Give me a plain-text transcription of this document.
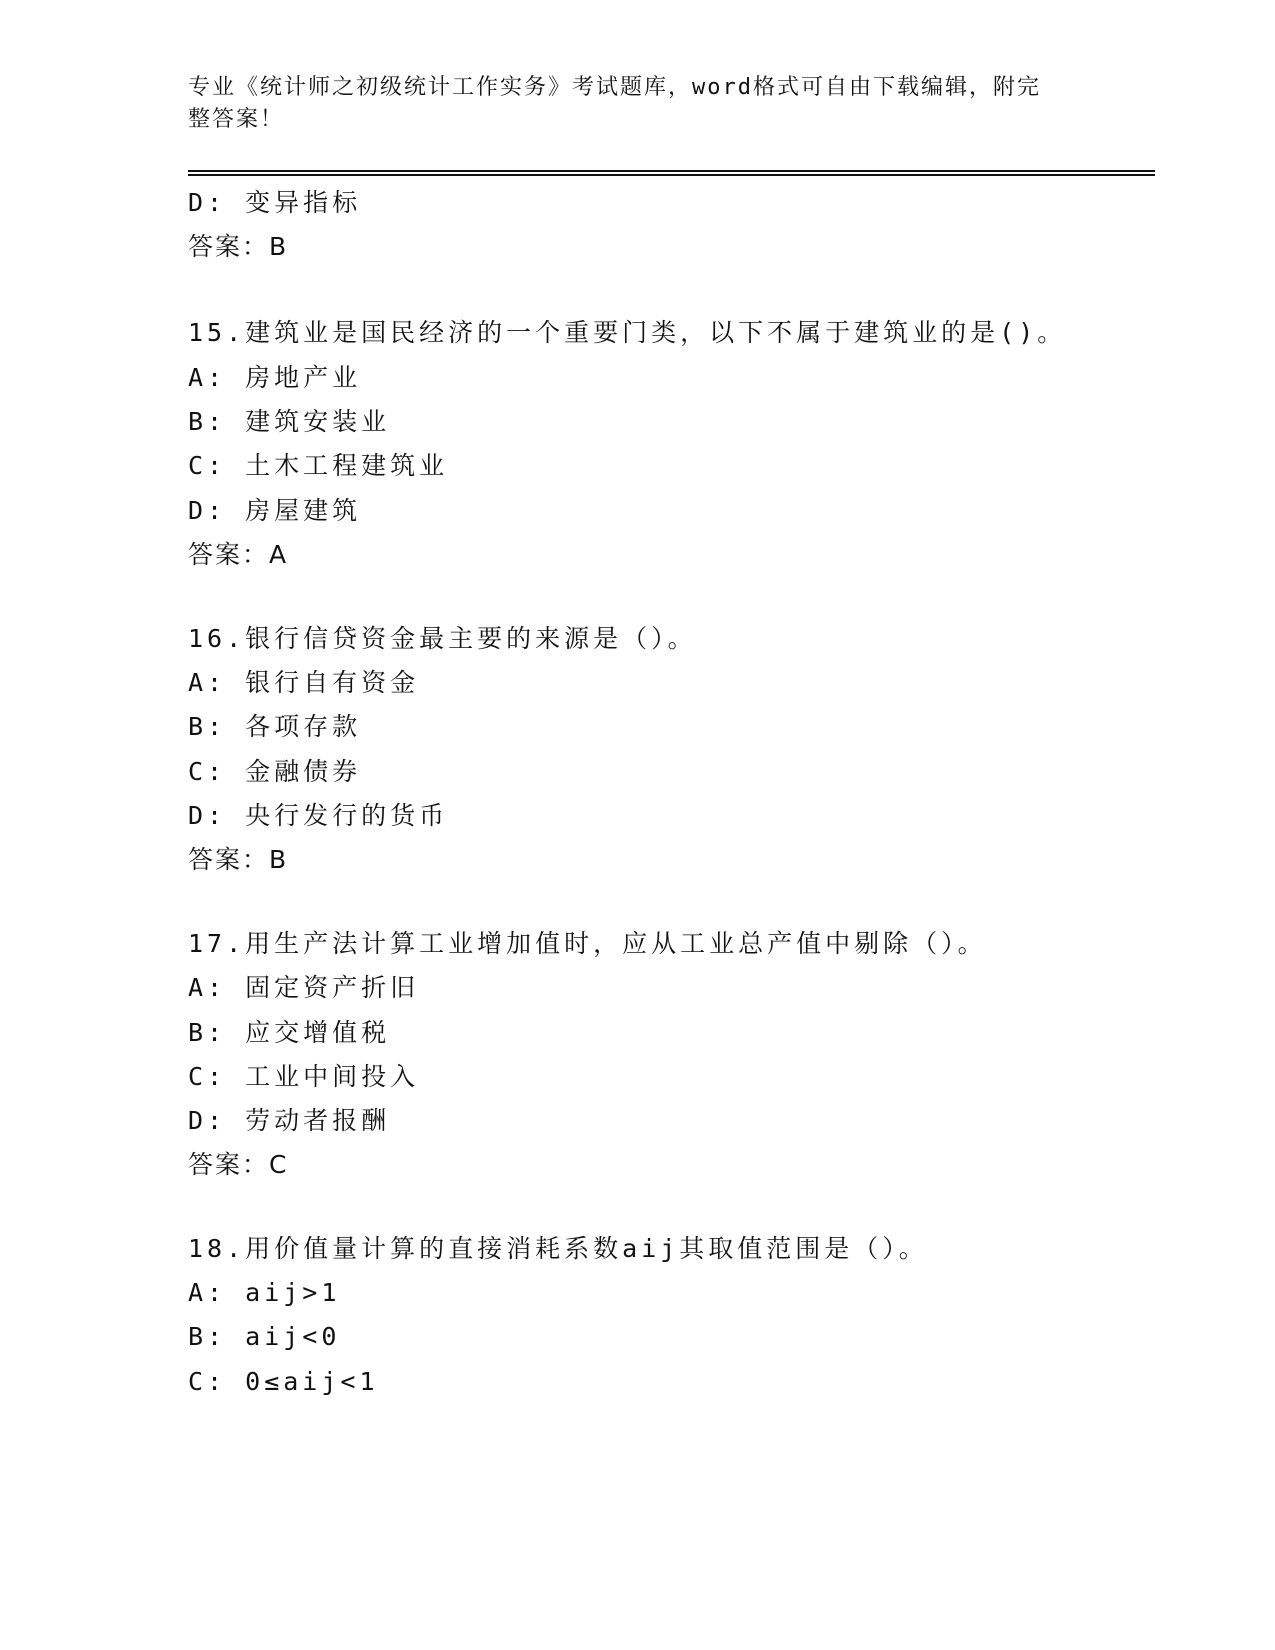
专业《统计师之初级统计工作实务》考试题库，word格式可自由下载编辑，附完
整答案！
D: 变异指标
答案：B
15.建筑业是国民经济的一个重要门类，以下不属于建筑业的是()。
A: 房地产业
B: 建筑安装业
C: 土木工程建筑业
D: 房屋建筑
答案：A
16.银行信贷资金最主要的来源是（）。
A: 银行自有资金
B: 各项存款
C: 金融债券
D: 央行发行的货币
答案：B
17.用生产法计算工业增加值时，应从工业总产值中剔除（）。
A: 固定资产折旧
B: 应交增值税
C: 工业中间投入
D: 劳动者报酬
答案：C
18.用价值量计算的直接消耗系数aij其取值范围是（）。
A: aij>1
B: aij<0
C: 0≤aij<1
